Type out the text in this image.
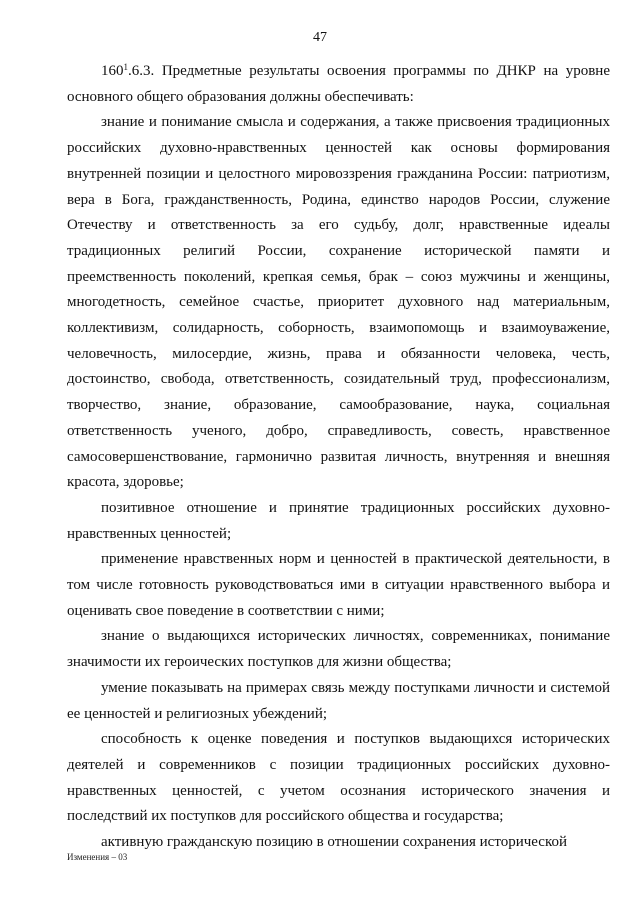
47

$160^1.6.3$. Предметные результаты освоения программы по ДНКР на уровне основного общего образования должны обеспечивать:

знание и понимание смысла и содержания, а также присвоения традиционных российских духовно-нравственных ценностей как основы формирования внутренней позиции и целостного мировоззрения гражданина России: патриотизм, вера в Бога, гражданственность, Родина, единство народов России, служение Отечеству и ответственность за его судьбу, долг, нравственные идеалы традиционных религий России, сохранение исторической памяти и преемственность поколений, крепкая семья, брак – союз мужчины и женщины, многодетность, семейное счастье, приоритет духовного над материальным, коллективизм, солидарность, соборность, взаимопомощь и взаимоуважение, человечность, милосердие, жизнь, права и обязанности человека, честь, достоинство, свобода, ответственность, созидательный труд, профессионализм, творчество, знание, образование, самообразование, наука, социальная ответственность ученого, добро, справедливость, совесть, нравственное самосовершенствование, гармонично развитая личность, внутренняя и внешняя красота, здоровье;

позитивное отношение и принятие традиционных российских духовно-нравственных ценностей;

применение нравственных норм и ценностей в практической деятельности, в том числе готовность руководствоваться ими в ситуации нравственного выбора и оценивать свое поведение в соответствии с ними;

знание о выдающихся исторических личностях, современниках, понимание значимости их героических поступков для жизни общества;

умение показывать на примерах связь между поступками личности и системой ее ценностей и религиозных убеждений;

способность к оценке поведения и поступков выдающихся исторических деятелей и современников с позиции традиционных российских духовно-нравственных ценностей, с учетом осознания исторического значения и последствий их поступков для российского общества и государства;

активную гражданскую позицию в отношении сохранения исторической

Изменения – 03
